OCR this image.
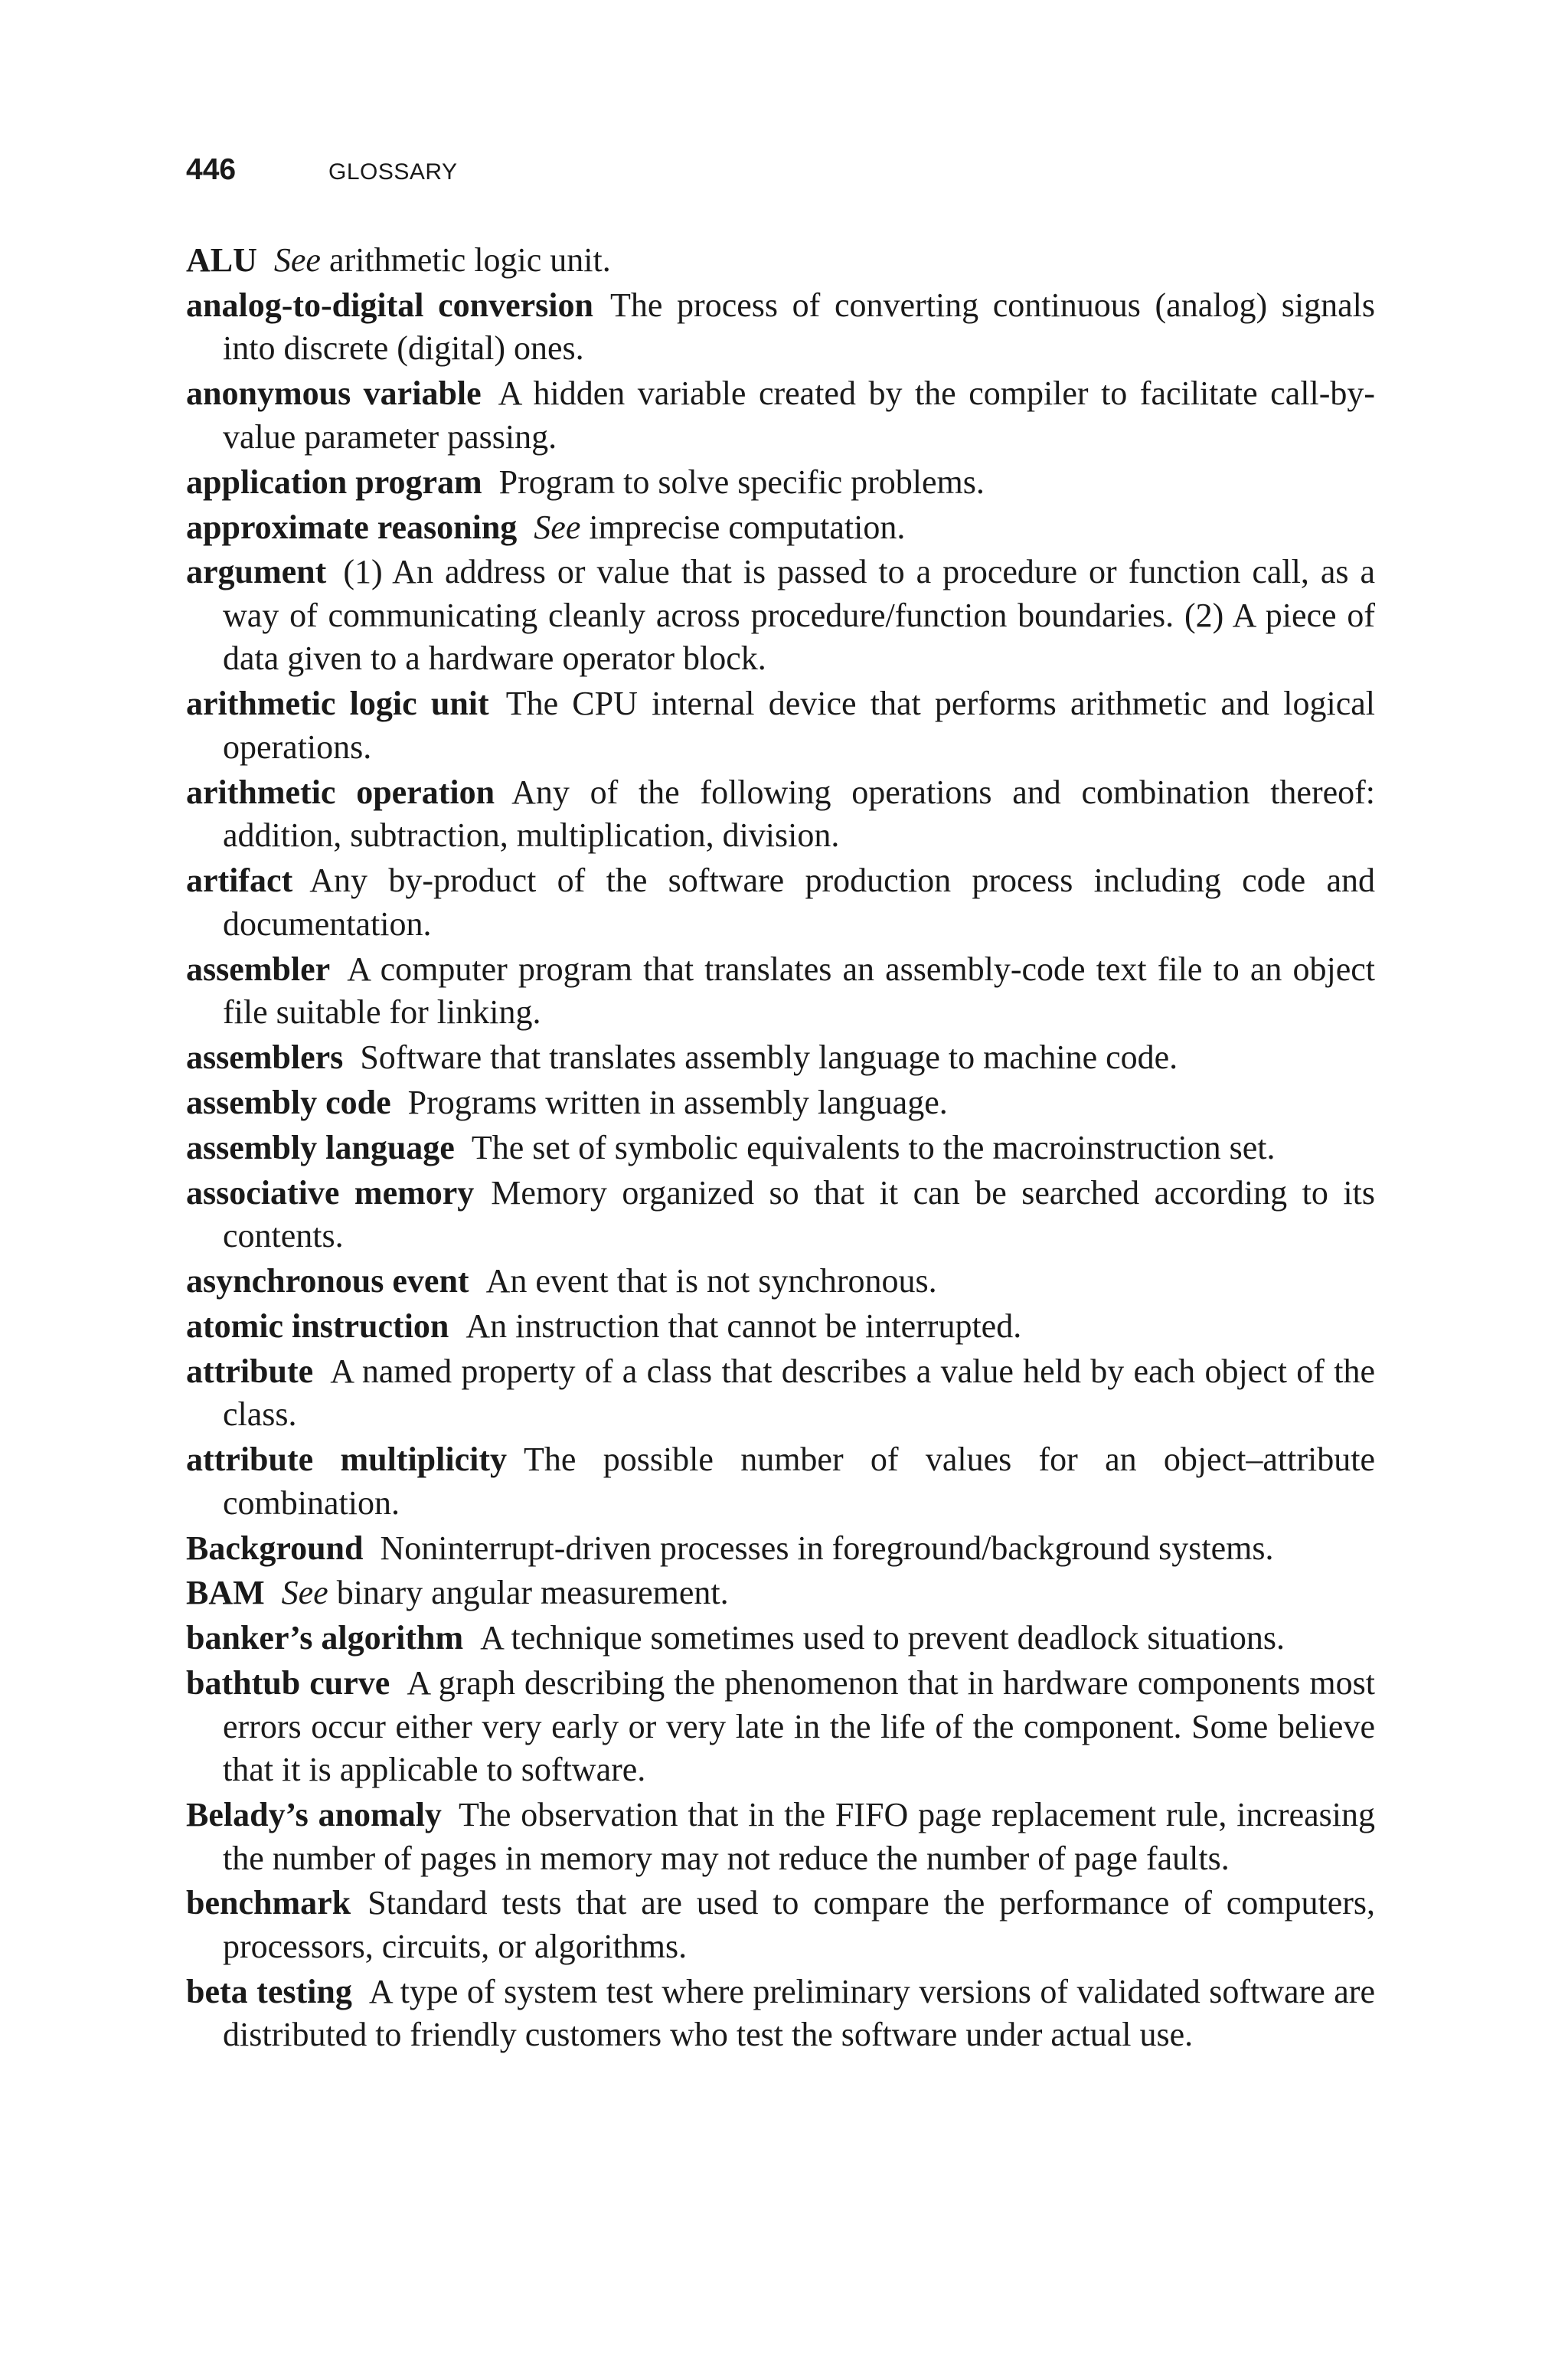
446	GLOSSARY

ALU See arithmetic logic unit.

analog-to-digital conversion The process of converting continuous (analog) signals into discrete (digital) ones.

anonymous variable A hidden variable created by the compiler to facilitate call-by-value parameter passing.

application program Program to solve specific problems.

approximate reasoning See imprecise computation.

argument (1) An address or value that is passed to a procedure or function call, as a way of communicating cleanly across procedure/function boundaries. (2) A piece of data given to a hardware operator block.

arithmetic logic unit The CPU internal device that performs arithmetic and logical operations.

arithmetic operation Any of the following operations and combination thereof: addition, subtraction, multiplication, division.

artifact Any by-product of the software production process including code and documentation.

assembler A computer program that translates an assembly-code text file to an object file suitable for linking.

assemblers Software that translates assembly language to machine code.

assembly code Programs written in assembly language.

assembly language The set of symbolic equivalents to the macroinstruction set.

associative memory Memory organized so that it can be searched according to its contents.

asynchronous event An event that is not synchronous.

atomic instruction An instruction that cannot be interrupted.

attribute A named property of a class that describes a value held by each object of the class.

attribute multiplicity The possible number of values for an object–attribute combination.

Background Noninterrupt-driven processes in foreground/background systems.

BAM See binary angular measurement.

banker’s algorithm A technique sometimes used to prevent deadlock situations.

bathtub curve A graph describing the phenomenon that in hardware components most errors occur either very early or very late in the life of the component. Some believe that it is applicable to software.

Belady’s anomaly The observation that in the FIFO page replacement rule, increasing the number of pages in memory may not reduce the number of page faults.

benchmark Standard tests that are used to compare the performance of computers, processors, circuits, or algorithms.

beta testing A type of system test where preliminary versions of validated software are distributed to friendly customers who test the software under actual use.
